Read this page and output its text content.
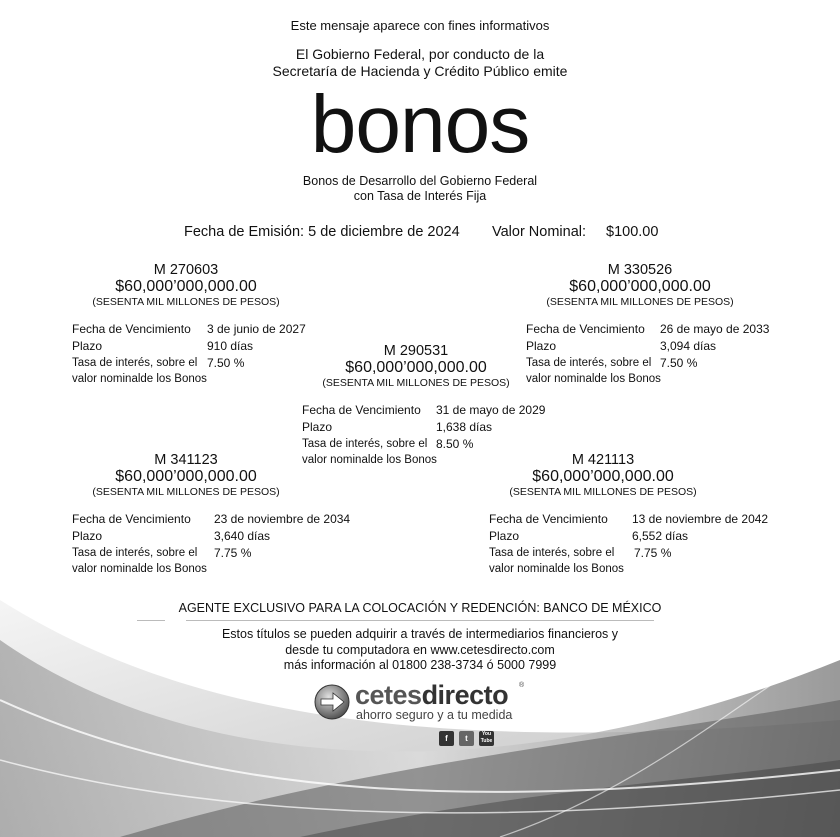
Este mensaje aparece con fines informativos
El Gobierno Federal, por conducto de la
Secretaría de Hacienda y Crédito Público emite
bonos
Bonos de Desarrollo del Gobierno Federal
con Tasa de Interés Fija
Fecha de Emisión: 5 de diciembre de 2024 Valor Nominal: $100.00
M 270603
$60,000’000,000.00
(SESENTA MIL MILLONES DE PESOS)
Fecha de Vencimiento 3 de junio de 2027
Plazo	910 días
Tasa de interés, sobre el
valor nominalde los Bonos
7.50 %
M 330526
$60,000’000,000.00
(SESENTA MIL MILLONES DE PESOS)
Fecha de Vencimiento 26 de mayo de 2033
Plazo	3,094 días
Tasa de interés, sobre el
valor nominalde los Bonos
7.50 %
M 290531
$60,000’000,000.00
(SESENTA MIL MILLONES DE PESOS)
Fecha de Vencimiento 31 de mayo de 2029
Plazo	1,638 días
Tasa de interés, sobre el
valor nominalde los Bonos
8.50 %
M 341123
$60,000’000,000.00
(SESENTA MIL MILLONES DE PESOS)
Fecha de Vencimiento 23 de noviembre de 2034
Plazo	3,640 días
Tasa de interés, sobre el
valor nominalde los Bonos
7.75 %
M 421113
$60,000’000,000.00
(SESENTA MIL MILLONES DE PESOS)
Fecha de Vencimiento 13 de noviembre de 2042
Plazo	6,552 días
Tasa de interés, sobre el
valor nominalde los Bonos
7.75 %
AGENTE EXCLUSIVO PARA LA COLOCACIÓN Y REDENCIÓN: BANCO DE MÉXICO
Estos títulos se pueden adquirir a través de intermediarios financieros y
desde tu computadora en www.cetesdirecto.com
más información al 01800 238-3734 ó 5000 7999
cetesdirecto ®
ahorro seguro y a tu medida
f	t	You Tube
